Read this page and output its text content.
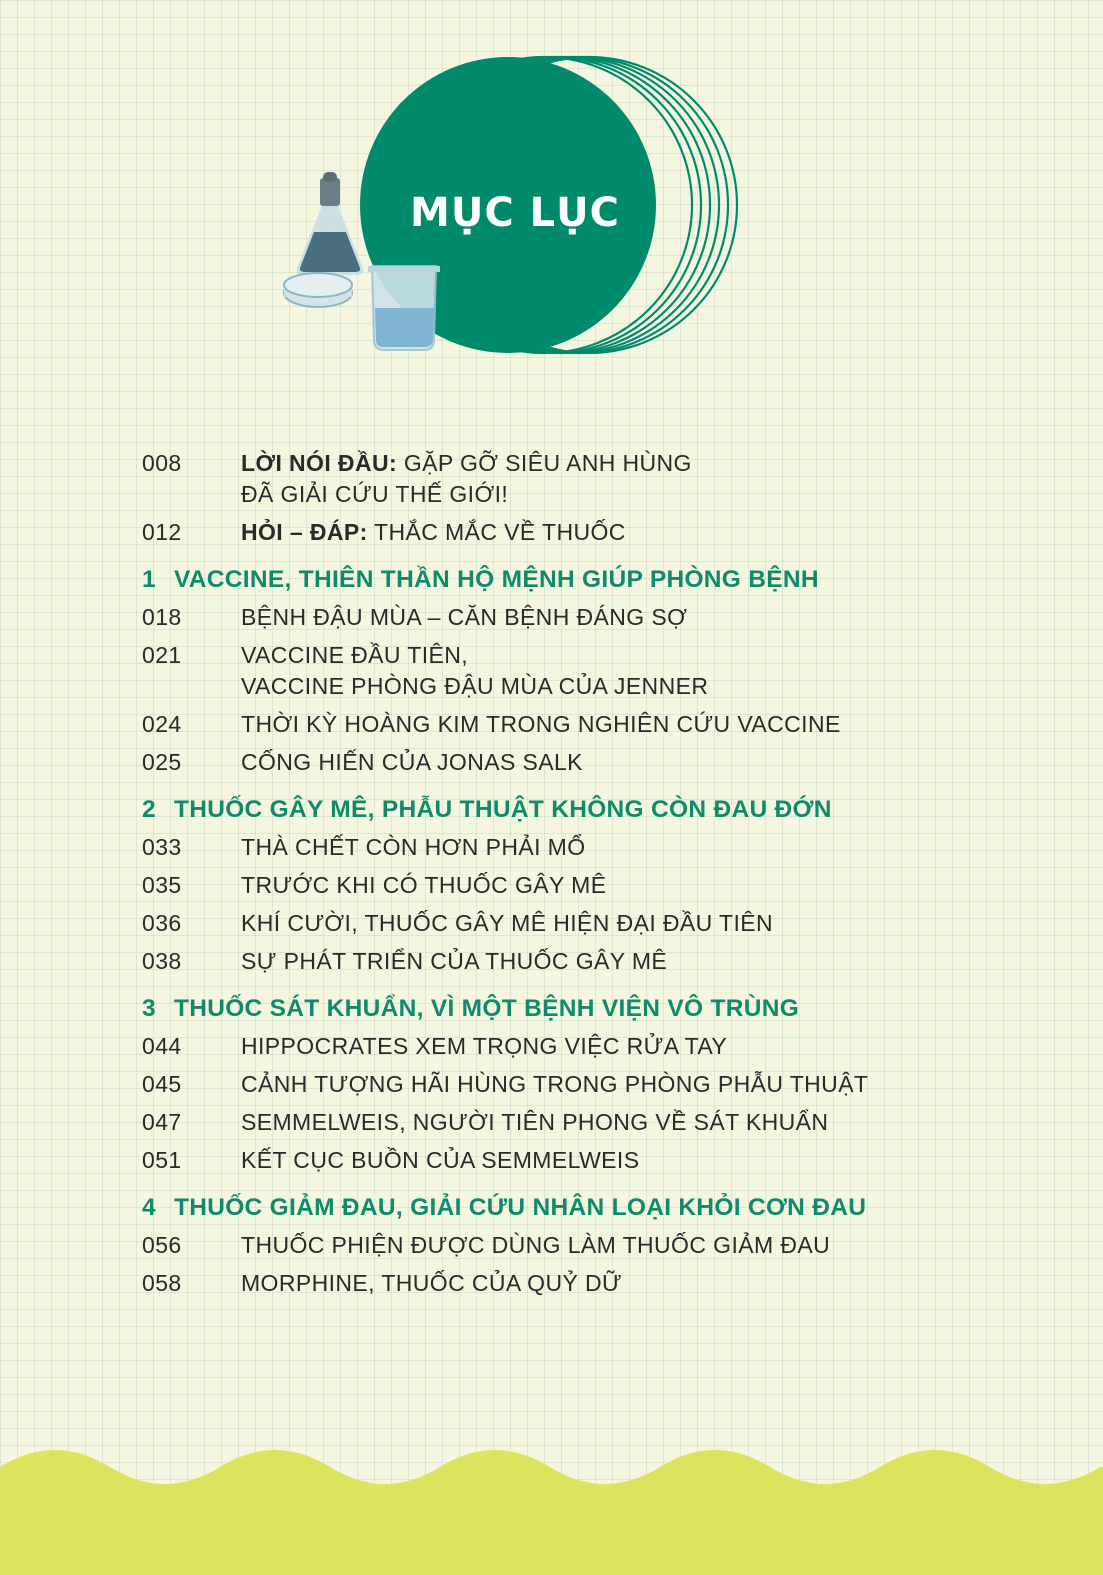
MỤC LỤC
008	LỜI NÓI ĐẦU: GẶP GỠ SIÊU ANH HÙNG
ĐÃ GIẢI CỨU THẾ GIỚI!
012	HỎI – ĐÁP: THẮC MẮC VỀ THUỐC
1 VACCINE, THIÊN THẦN HỘ MỆNH GIÚP PHÒNG BỆNH
018	BỆNH ĐẬU MÙA – CĂN BỆNH ĐÁNG SỢ
021	VACCINE ĐẦU TIÊN,
VACCINE PHÒNG ĐẬU MÙA CỦA JENNER
024	THỜI KỲ HOÀNG KIM TRONG NGHIÊN CỨU VACCINE
025	CỐNG HIẾN CỦA JONAS SALK
2 THUỐC GÂY MÊ, PHẪU THUẬT KHÔNG CÒN ĐAU ĐỚN
033	THÀ CHẾT CÒN HƠN PHẢI MỔ
035	TRƯỚC KHI CÓ THUỐC GÂY MÊ
036	KHÍ CƯỜI, THUỐC GÂY MÊ HIỆN ĐẠI ĐẦU TIÊN
038	SỰ PHÁT TRIỂN CỦA THUỐC GÂY MÊ
3 THUỐC SÁT KHUẨN, VÌ MỘT BỆNH VIỆN VÔ TRÙNG
044	HIPPOCRATES XEM TRỌNG VIỆC RỬA TAY
045	CẢNH TƯỢNG HÃI HÙNG TRONG PHÒNG PHẪU THUẬT
047	SEMMELWEIS, NGƯỜI TIÊN PHONG VỀ SÁT KHUẨN
051	KẾT CỤC BUỒN CỦA SEMMELWEIS
4 THUỐC GIẢM ĐAU, GIẢI CỨU NHÂN LOẠI KHỎI CƠN ĐAU
056	THUỐC PHIỆN ĐƯỢC DÙNG LÀM THUỐC GIẢM ĐAU
058	MORPHINE, THUỐC CỦA QUỶ DỮ
